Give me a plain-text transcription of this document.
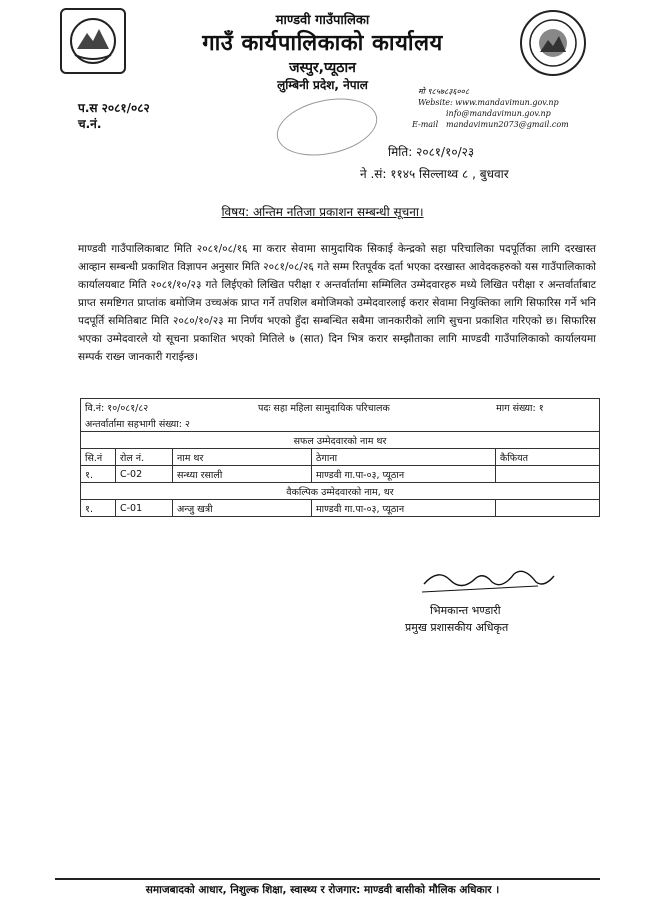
माण्डवी गाउँपालिका
गाउँ कार्यपालिकाको कार्यालय
जस्पुर,प्यूठान
लुम्बिनी प्रदेश, नेपाल
प.स २०८१/०८२
च.नं.
मो ९८५७८३६००८
Website: www.mandavimun.gov.np
info@mandavimun.gov.np
mandavimun2073@gmail.com
E-mail
मिति: २०८१/१०/२३
ने .सं: ११४५ सिल्लाथ्व ८ , बुधवार
विषय: अन्तिम नतिजा प्रकाशन सम्बन्धी सूचना।
माण्डवी गाउँपालिकाबाट मिति २०८१/०८/१६ मा करार सेवामा सामुदायिक सिकाई केन्द्रको सहा परिचालिका पदपूर्तिका लागि दरखास्त आव्हान सम्बन्धी प्रकाशित विज्ञापन अनुसार मिति २०८१/०८/२६ गते सम्म रितपूर्वक दर्ता भएका दरखास्त आवेदकहरुको यस गाउँपालिकाको कार्यालयबाट मिति २०८१/१०/२३ गते लिईएको लिखित परीक्षा र अन्तर्वार्तामा सम्मिलित उम्मेदवारहरु मध्ये लिखित परीक्षा र अन्तर्वार्ताबाट प्राप्त समष्टिगत प्राप्तांक बमोजिम उच्चअंक प्राप्त गर्ने तपशिल बमोजिमको उम्मेदवारलाई करार सेवामा नियुक्तिका लागि सिफारिस गर्ने भनि पदपूर्ति समितिबाट मिति २०८०/१०/२३ मा निर्णय भएको हुँदा सम्बन्धित सबैमा जानकारीको लागि सुचना प्रकाशित गरिएको छ। सिफारिस भएका उम्मेदवारले यो सूचना प्रकाशित भएको मितिले ७ (सात) दिन भित्र करार सम्झौताका लागि माण्डवी गाउँपालिकाको कार्यालयमा सम्पर्क राख्न जानकारी गराईन्छ।
वि.नं: १०/०८१/८२ पदः सहा महिला सामुदायिक परिचालक माग संख्या: १				
अन्तर्वार्तामा सहभागी संख्या: २				
सफल उम्मेदवारको नाम थर				
सि.नं	रोल नं.	नाम थर	ठेगाना	कैफियत
१.	C-02	सन्ध्या रसाली	माण्डवी गा.पा-०३, प्यूठान	
वैकल्पिक उम्मेदवारको नाम, थर				
१.	C-01	अन्जु खत्री	माण्डवी गा.पा-०३, प्यूठान	
भिमकान्त भण्डारी
प्रमुख प्रशासकीय अधिकृत
समाजबादको आधार, निशुल्क शिक्षा, स्वास्थ्य र रोजगार: माण्डवी बासीको मौलिक अधिकार ।
